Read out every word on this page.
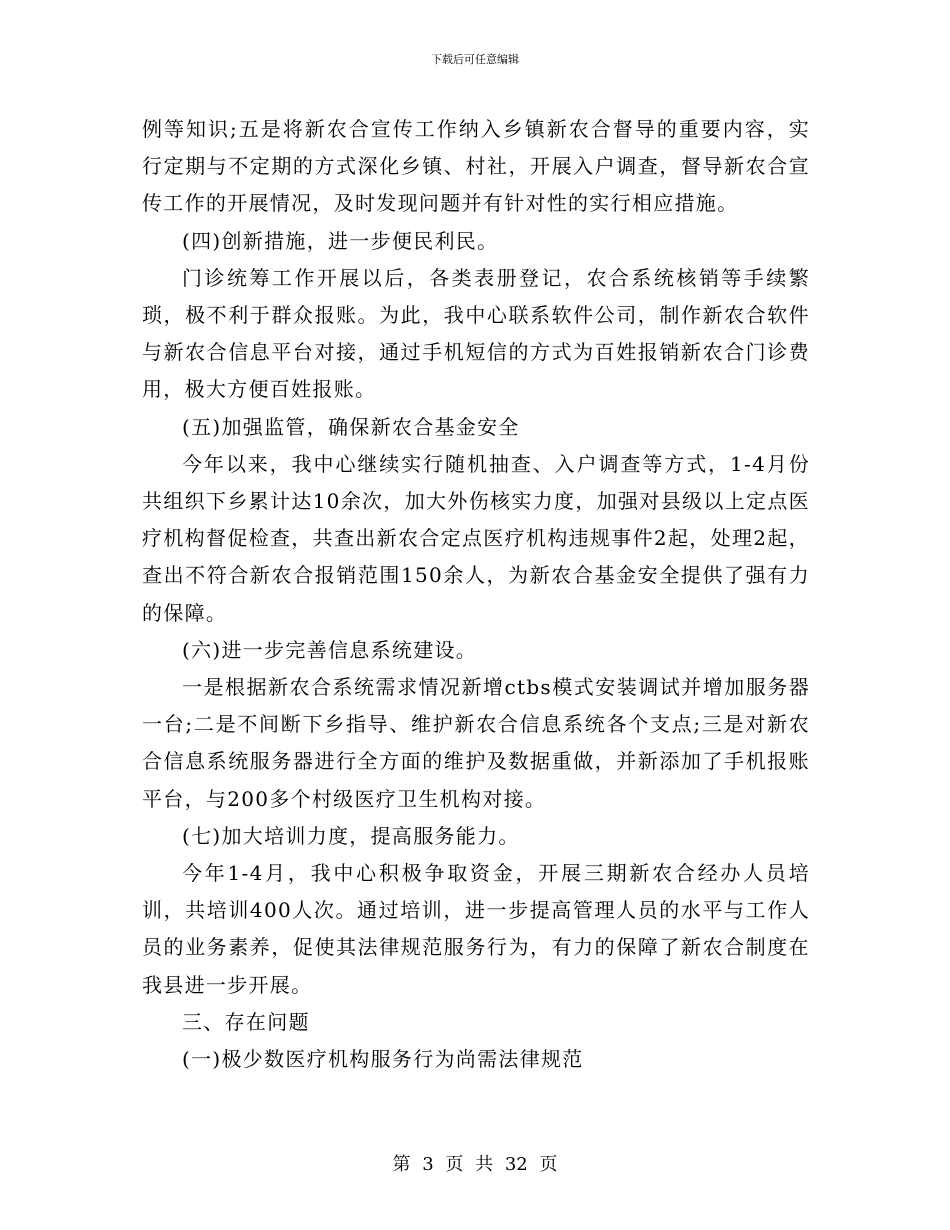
下载后可任意编辑

例等知识;五是将新农合宣传工作纳入乡镇新农合督导的重要内容，实行定期与不定期的方式深化乡镇、村社，开展入户调查，督导新农合宣传工作的开展情况，及时发现问题并有针对性的实行相应措施。

(四)创新措施，进一步便民利民。

门诊统筹工作开展以后，各类表册登记，农合系统核销等手续繁琐，极不利于群众报账。为此，我中心联系软件公司，制作新农合软件与新农合信息平台对接，通过手机短信的方式为百姓报销新农合门诊费用，极大方便百姓报账。

(五)加强监管，确保新农合基金安全

今年以来，我中心继续实行随机抽查、入户调查等方式，1-4月份共组织下乡累计达10余次，加大外伤核实力度，加强对县级以上定点医疗机构督促检查，共查出新农合定点医疗机构违规事件2起，处理2起，查出不符合新农合报销范围150余人，为新农合基金安全提供了强有力的保障。

(六)进一步完善信息系统建设。

一是根据新农合系统需求情况新增ctbs模式安装调试并增加服务器一台;二是不间断下乡指导、维护新农合信息系统各个支点;三是对新农合信息系统服务器进行全方面的维护及数据重做，并新添加了手机报账平台，与200多个村级医疗卫生机构对接。

(七)加大培训力度，提高服务能力。

今年1-4月，我中心积极争取资金，开展三期新农合经办人员培训，共培训400人次。通过培训，进一步提高管理人员的水平与工作人员的业务素养，促使其法律规范服务行为，有力的保障了新农合制度在我县进一步开展。

三、存在问题

(一)极少数医疗机构服务行为尚需法律规范

第 3 页 共 32 页
